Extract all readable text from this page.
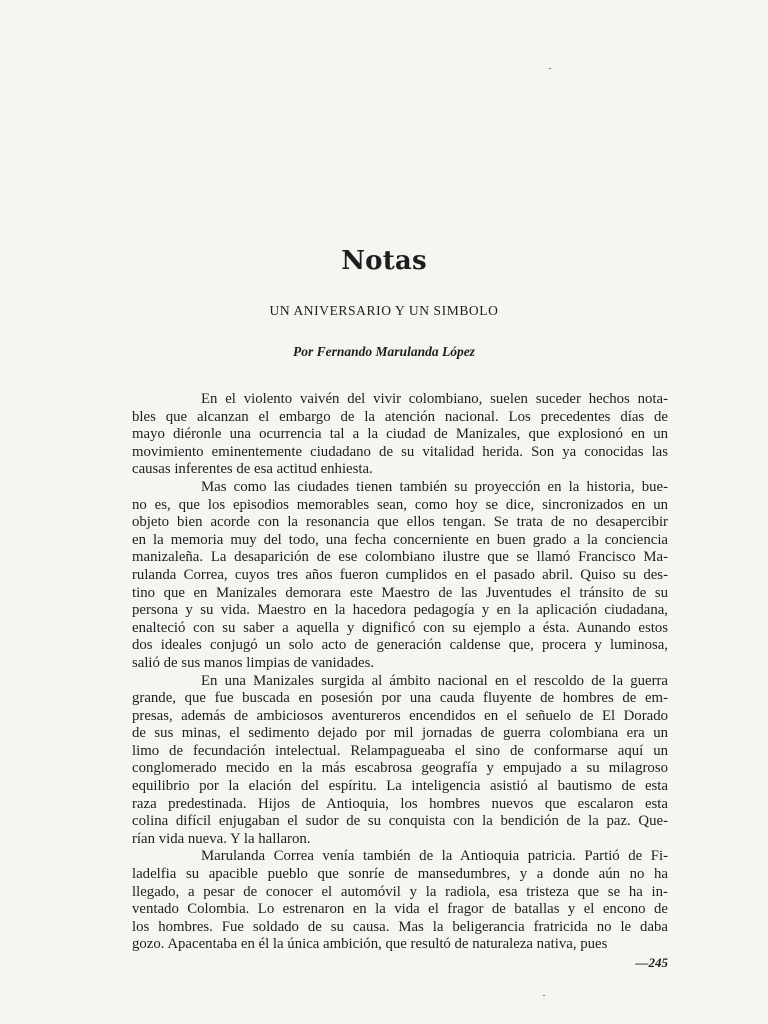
Notas
UN ANIVERSARIO Y UN SIMBOLO
Por Fernando Marulanda López
En el violento vaivén del vivir colombiano, suelen suceder hechos nota-
bles que alcanzan el embargo de la atención nacional. Los precedentes días de
mayo diéronle una ocurrencia tal a la ciudad de Manizales, que explosionó en un
movimiento eminentemente ciudadano de su vitalidad herida. Son ya conocidas las
causas inferentes de esa actitud enhiesta.
Mas como las ciudades tienen también su proyección en la historia, bue-
no es, que los episodios memorables sean, como hoy se dice, sincronizados en un
objeto bien acorde con la resonancia que ellos tengan. Se trata de no desapercibir
en la memoria muy del todo, una fecha concerniente en buen grado a la conciencia
manizaleña. La desaparición de ese colombiano ilustre que se llamó Francisco Ma-
rulanda Correa, cuyos tres años fueron cumplidos en el pasado abril. Quiso su des-
tino que en Manizales demorara este Maestro de las Juventudes el tránsito de su
persona y su vida. Maestro en la hacedora pedagogía y en la aplicación ciudadana,
enalteció con su saber a aquella y dignificó con su ejemplo a ésta. Aunando estos
dos ideales conjugó un solo acto de generación caldense que, procera y luminosa,
salió de sus manos limpias de vanidades.
En una Manizales surgida al ámbito nacional en el rescoldo de la guerra
grande, que fue buscada en posesión por una cauda fluyente de hombres de em-
presas, además de ambiciosos aventureros encendidos en el señuelo de El Dorado
de sus minas, el sedimento dejado por mil jornadas de guerra colombiana era un
limo de fecundación intelectual. Relampagueaba el sino de conformarse aquí un
conglomerado mecido en la más escabrosa geografía y empujado a su milagroso
equilibrio por la elación del espíritu. La inteligencia asistió al bautismo de esta
raza predestinada. Hijos de Antioquia, los hombres nuevos que escalaron esta
colina difícil enjugaban el sudor de su conquista con la bendición de la paz. Que-
rían vida nueva. Y la hallaron.
Marulanda Correa venía también de la Antioquia patricia. Partió de Fi-
ladelfia su apacible pueblo que sonríe de mansedumbres, y a donde aún no ha
llegado, a pesar de conocer el automóvil y la radiola, esa tristeza que se ha in-
ventado Colombia. Lo estrenaron en la vida el fragor de batallas y el encono de
los hombres. Fue soldado de su causa. Mas la beligerancia fratricida no le daba
gozo. Apacentaba en él la única ambición, que resultó de naturaleza nativa, pues
—245
